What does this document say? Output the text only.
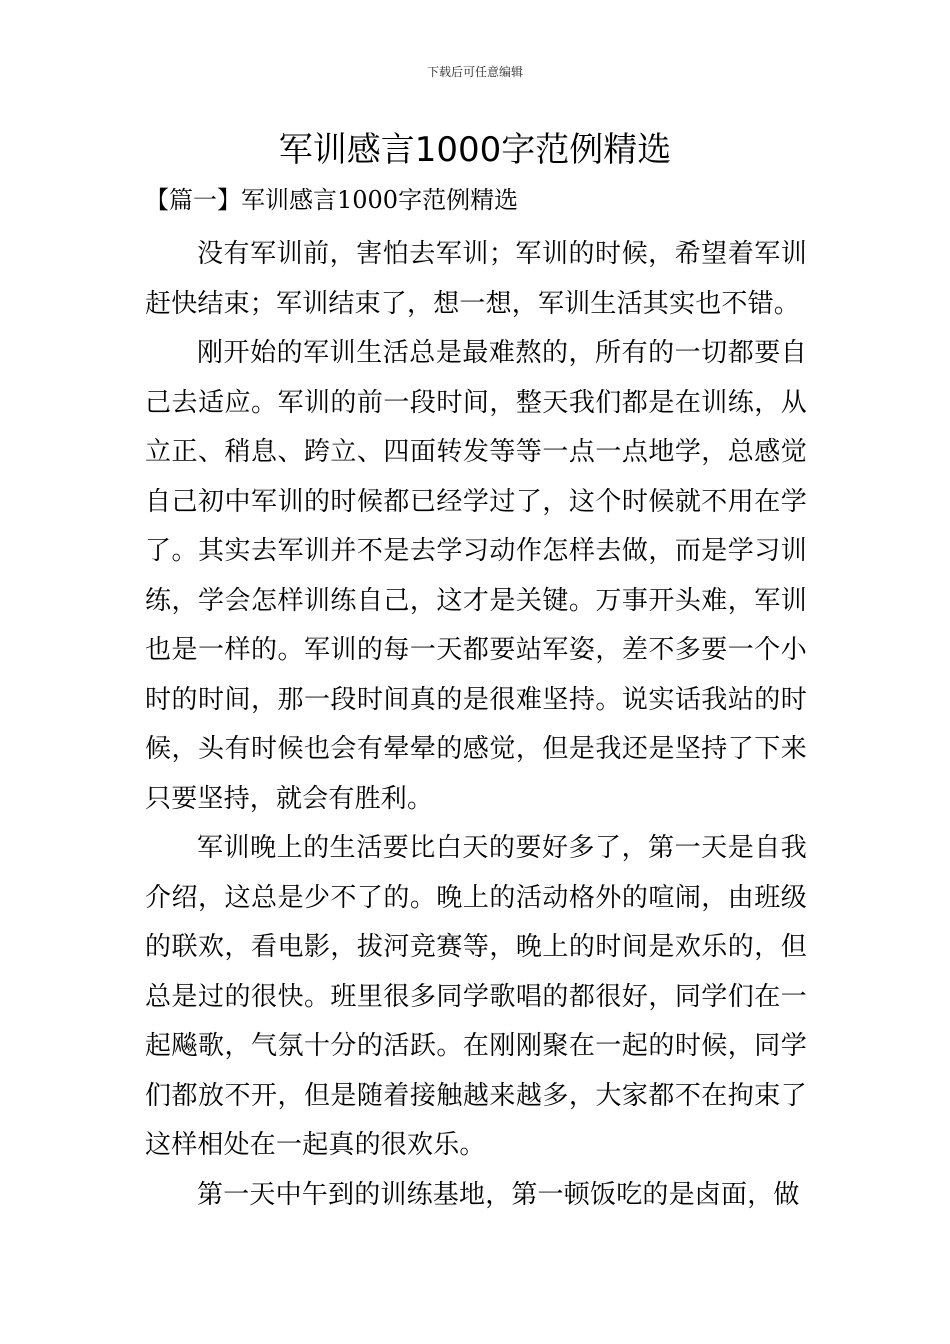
下载后可任意编辑
军训感言1000字范例精选
【篇一】军训感言1000字范例精选

没有军训前，害怕去军训；军训的时候，希望着军训赶快结束；军训结束了，想一想，军训生活其实也不错。

刚开始的军训生活总是最难熬的，所有的一切都要自己去适应。军训的前一段时间，整天我们都是在训练，从立正、稍息、跨立、四面转发等等一点一点地学，总感觉自己初中军训的时候都已经学过了，这个时候就不用在学了。其实去军训并不是去学习动作怎样去做，而是学习训练，学会怎样训练自己，这才是关键。万事开头难，军训也是一样的。军训的每一天都要站军姿，差不多要一个小时的时间，那一段时间真的是很难坚持。说实话我站的时候，头有时候也会有晕晕的感觉，但是我还是坚持了下来只要坚持，就会有胜利。

军训晚上的生活要比白天的要好多了，第一天是自我介绍，这总是少不了的。晚上的活动格外的喧闹，由班级的联欢，看电影，拔河竞赛等，晚上的时间是欢乐的，但总是过的很快。班里很多同学歌唱的都很好，同学们在一起飚歌，气氛十分的活跃。在刚刚聚在一起的时候，同学们都放不开，但是随着接触越来越多，大家都不在拘束了这样相处在一起真的很欢乐。

第一天中午到的训练基地，第一顿饭吃的是卤面，做
